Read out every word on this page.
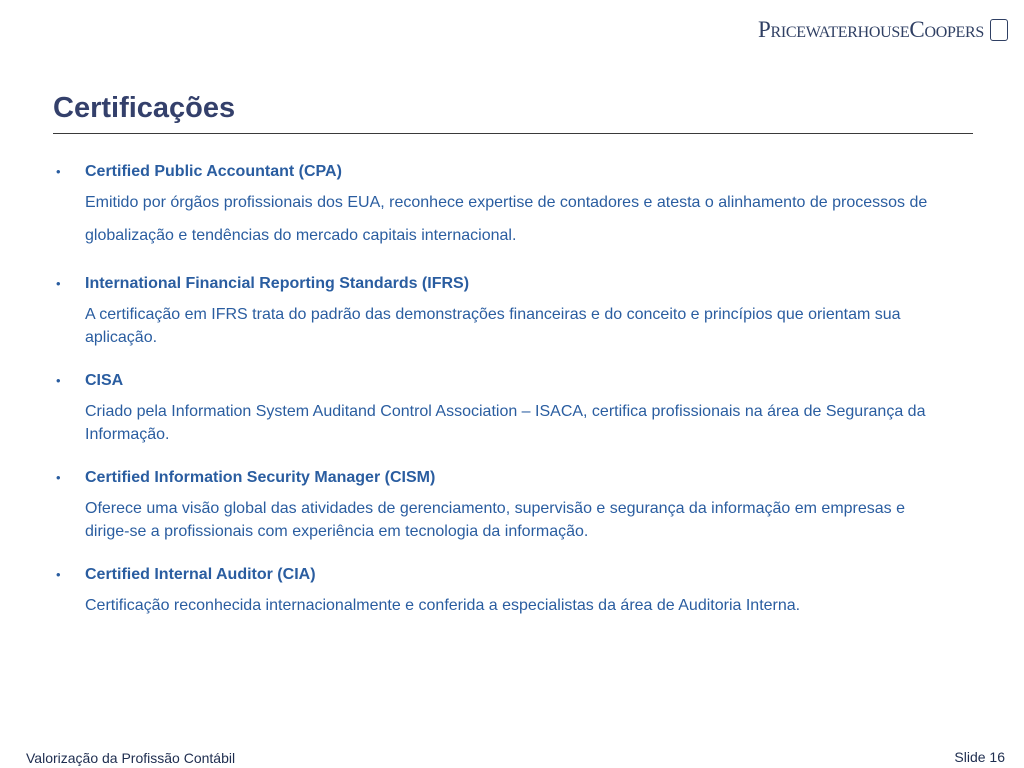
PricewaterhouseCoopers
Certificações
•	Certified Public Accountant (CPA)
Emitido por órgãos profissionais dos EUA, reconhece expertise de contadores e atesta o alinhamento de processos de globalização e tendências do mercado capitais internacional.
•	International Financial Reporting Standards (IFRS)
A certificação em IFRS trata do padrão das demonstrações financeiras e do conceito e princípios que orientam sua aplicação.
•	CISA
Criado pela Information System Auditand Control Association – ISACA, certifica profissionais na área de Segurança da Informação.
•	Certified Information Security Manager (CISM)
Oferece uma visão global das atividades de gerenciamento, supervisão e segurança da informação em empresas e dirige-se a profissionais com experiência em tecnologia da informação.
•	Certified Internal Auditor (CIA)
Certificação reconhecida internacionalmente e conferida a especialistas da área de Auditoria Interna.
Valorização da Profissão Contábil	Slide 16
